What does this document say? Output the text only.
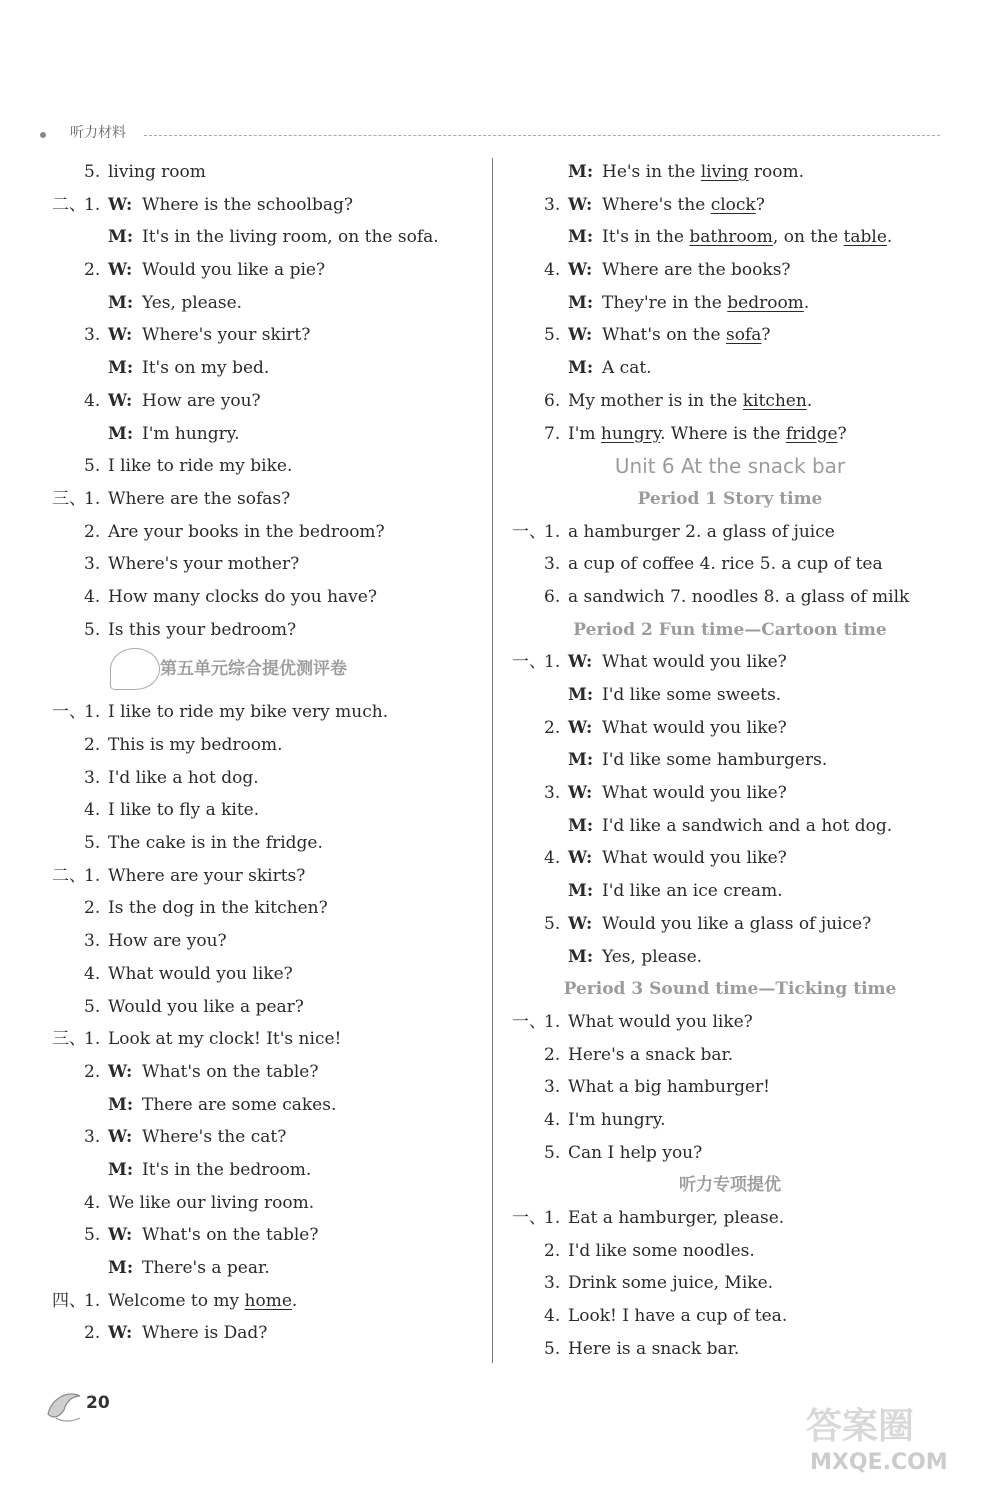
听力材料
5. living room
二、
1. W: Where is the schoolbag?
M: It's in the living room, on the sofa.
2. W: Would you like a pie?
M: Yes, please.
3. W: Where's your skirt?
M: It's on my bed.
4. W: How are you?
M: I'm hungry.
5. I like to ride my bike.
三、
1. Where are the sofas?
2. Are your books in the bedroom?
3. Where's your mother?
4. How many clocks do you have?
5. Is this your bedroom?
第五单元综合提优测评卷
一、
1. I like to ride my bike very much.
2. This is my bedroom.
3. I'd like a hot dog.
4. I like to fly a kite.
5. The cake is in the fridge.
二、
1. Where are your skirts?
2. Is the dog in the kitchen?
3. How are you?
4. What would you like?
5. Would you like a pear?
三、
1. Look at my clock! It's nice!
2. W: What's on the table?
M: There are some cakes.
3. W: Where's the cat?
M: It's in the bedroom.
4. We like our living room.
5. W: What's on the table?
M: There's a pear.
四、
1. Welcome to my home.
2. W: Where is Dad?
M: He's in the living room.
3. W: Where's the clock?
M: It's in the bathroom, on the table.
4. W: Where are the books?
M: They're in the bedroom.
5. W: What's on the sofa?
M: A cat.
6. My mother is in the kitchen.
7. I'm hungry. Where is the fridge?
Unit 6 At the snack bar
Period 1 Story time
一、
1. a hamburger 2. a glass of juice
3. a cup of coffee 4. rice 5. a cup of tea
6. a sandwich 7. noodles 8. a glass of milk
Period 2 Fun time—Cartoon time
一、
1. W: What would you like?
M: I'd like some sweets.
2. W: What would you like?
M: I'd like some hamburgers.
3. W: What would you like?
M: I'd like a sandwich and a hot dog.
4. W: What would you like?
M: I'd like an ice cream.
5. W: Would you like a glass of juice?
M: Yes, please.
Period 3 Sound time—Ticking time
一、
1. What would you like?
2. Here's a snack bar.
3. What a big hamburger!
4. I'm hungry.
5. Can I help you?
听力专项提优
一、
1. Eat a hamburger, please.
2. I'd like some noodles.
3. Drink some juice, Mike.
4. Look! I have a cup of tea.
5. Here is a snack bar.
20
答案圈
MXQE.COM
